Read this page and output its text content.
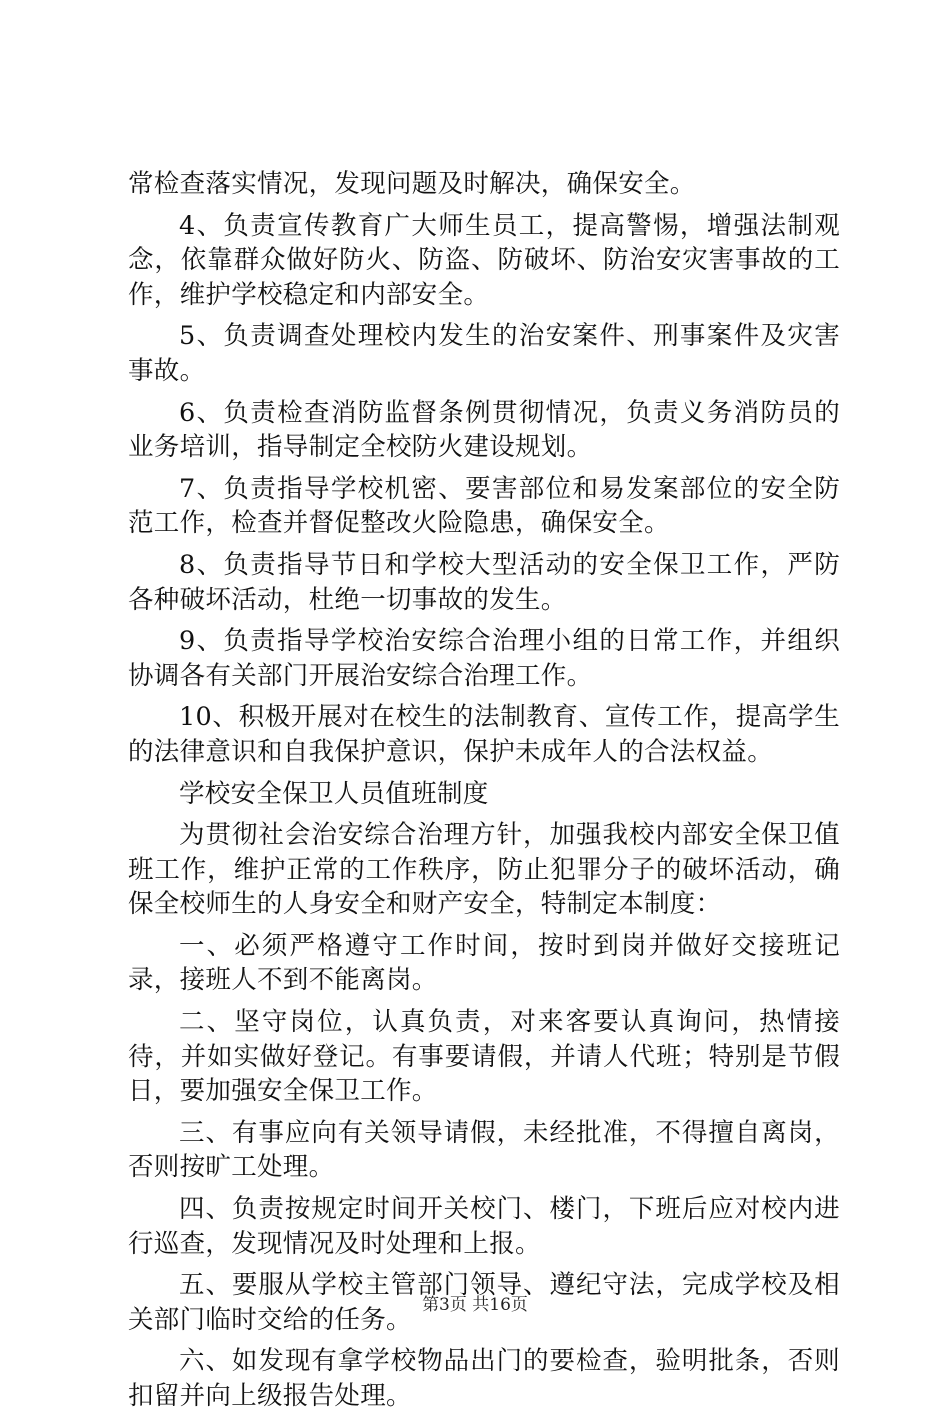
常检查落实情况，发现问题及时解决，确保安全。

4、负责宣传教育广大师生员工，提高警惕，增强法制观念，依靠群众做好防火、防盗、防破坏、防治安灾害事故的工作，维护学校稳定和内部安全。

5、负责调查处理校内发生的治安案件、刑事案件及灾害事故。

6、负责检查消防监督条例贯彻情况，负责义务消防员的业务培训，指导制定全校防火建设规划。

7、负责指导学校机密、要害部位和易发案部位的安全防范工作，检查并督促整改火险隐患，确保安全。

8、负责指导节日和学校大型活动的安全保卫工作，严防各种破坏活动，杜绝一切事故的发生。

9、负责指导学校治安综合治理小组的日常工作，并组织协调各有关部门开展治安综合治理工作。

10、积极开展对在校生的法制教育、宣传工作，提高学生的法律意识和自我保护意识，保护未成年人的合法权益。

学校安全保卫人员值班制度

为贯彻社会治安综合治理方针，加强我校内部安全保卫值班工作，维护正常的工作秩序，防止犯罪分子的破坏活动，确保全校师生的人身安全和财产安全，特制定本制度：

一、必须严格遵守工作时间，按时到岗并做好交接班记录，接班人不到不能离岗。

二、坚守岗位，认真负责，对来客要认真询问，热情接待，并如实做好登记。有事要请假，并请人代班；特别是节假日，要加强安全保卫工作。

三、有事应向有关领导请假，未经批准，不得擅自离岗，否则按旷工处理。

四、负责按规定时间开关校门、楼门，下班后应对校内进行巡查，发现情况及时处理和上报。

五、要服从学校主管部门领导、遵纪守法，完成学校及相关部门临时交给的任务。

六、如发现有拿学校物品出门的要检查，验明批条，否则扣留并向上级报告处理。

第3页 共16页
